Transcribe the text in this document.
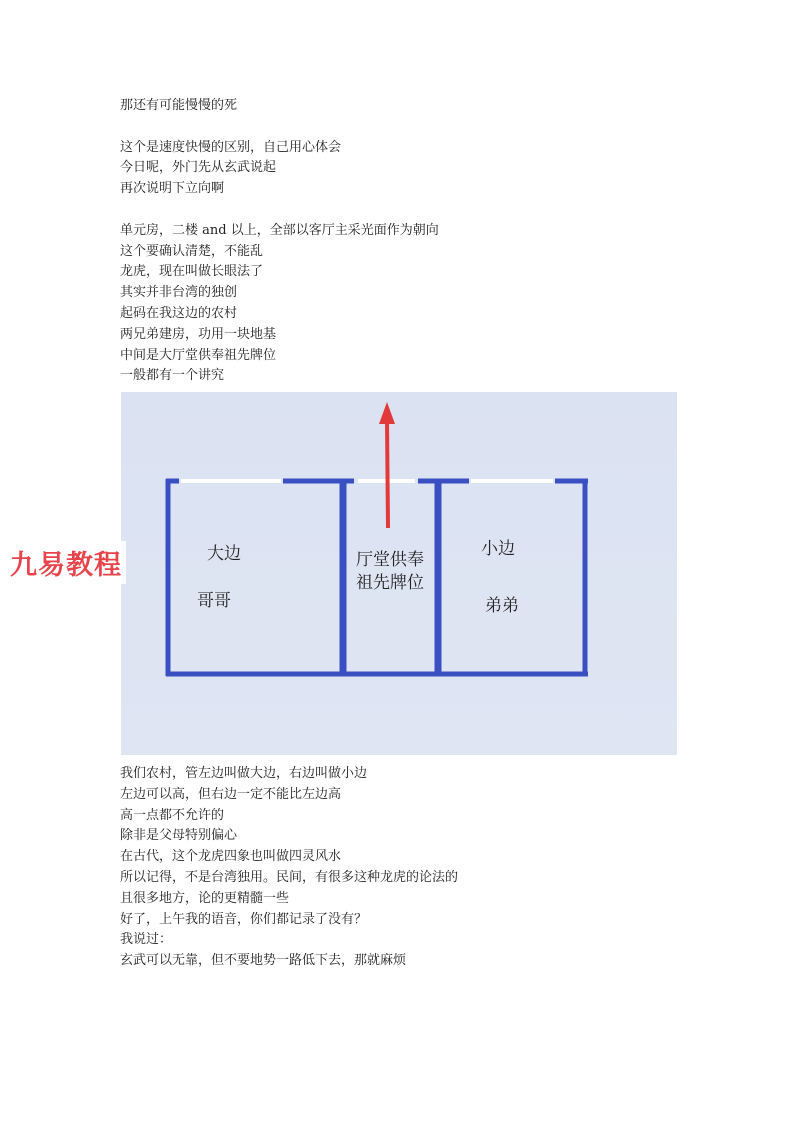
那还有可能慢慢的死
这个是速度快慢的区别，自己用心体会
今日呢，外门先从玄武说起
再次说明下立向啊
单元房，二楼 and 以上，全部以客厅主采光面作为朝向
这个要确认清楚，不能乱
龙虎，现在叫做长眼法了
其实并非台湾的独创
起码在我这边的农村
两兄弟建房，功用一块地基
中间是大厅堂供奉祖先牌位
一般都有一个讲究
大边
哥哥
厅堂供奉
祖先牌位
小边
弟弟
九易教程
我们农村，管左边叫做大边，右边叫做小边
左边可以高，但右边一定不能比左边高
高一点都不允许的
除非是父母特别偏心
在古代，这个龙虎四象也叫做四灵风水
所以记得，不是台湾独用。民间，有很多这种龙虎的论法的
且很多地方，论的更精髓一些
好了，上午我的语音，你们都记录了没有？
我说过：
玄武可以无靠，但不要地势一路低下去，那就麻烦
